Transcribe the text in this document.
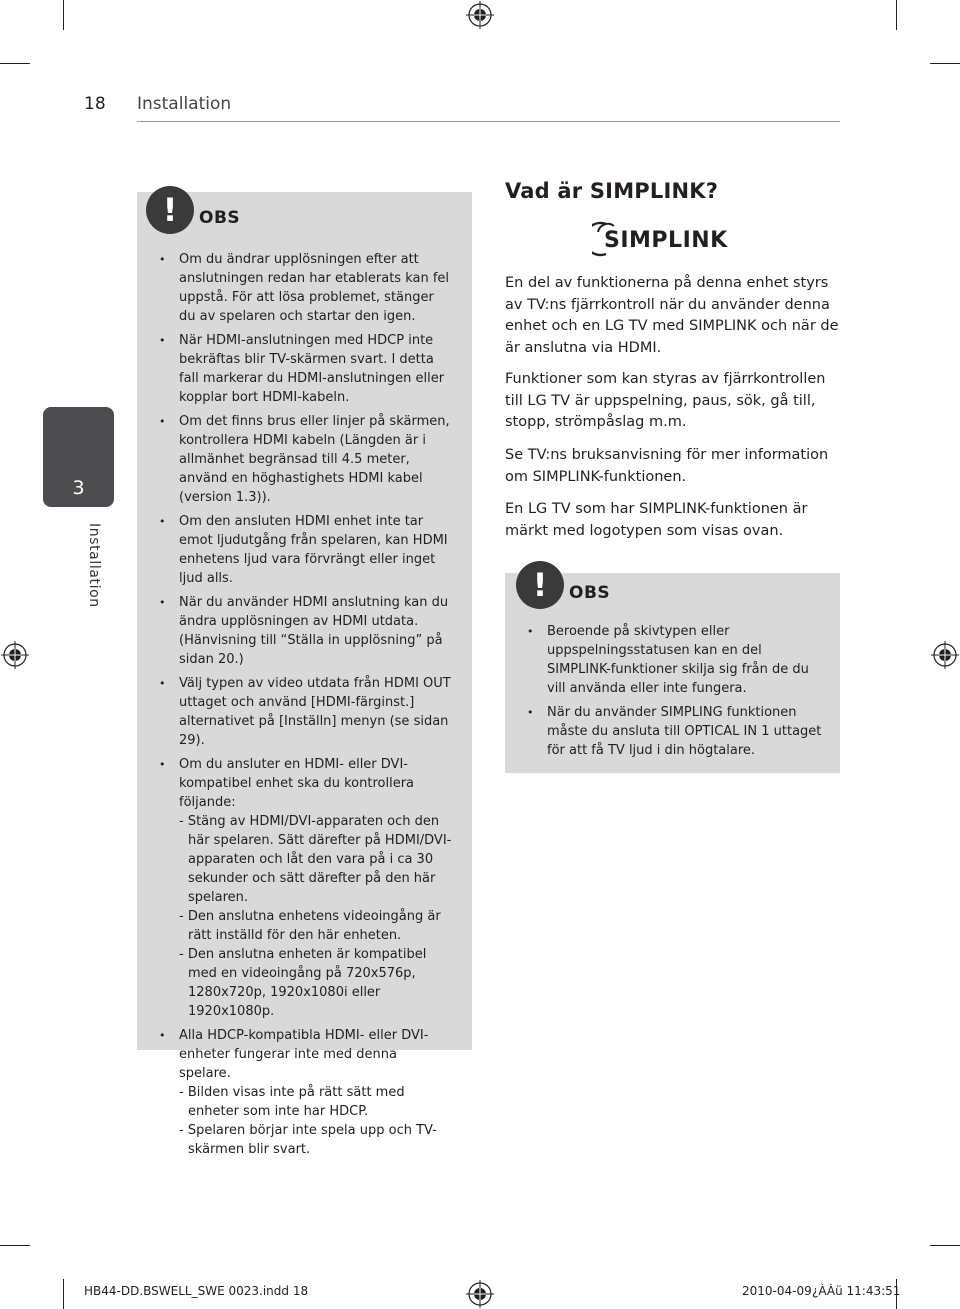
18 Installation
3
Installation
!	OBS
• Om du ändrar upplösningen efter att anslutningen redan har etablerats kan fel uppstå. För att lösa problemet, stänger du av spelaren och startar den igen.
• När HDMI-anslutningen med HDCP inte bekräftas blir TV-skärmen svart. I detta fall markerar du HDMI-anslutningen eller kopplar bort HDMI-kabeln.
• Om det finns brus eller linjer på skärmen, kontrollera HDMI kabeln (Längden är i allmänhet begränsad till 4.5 meter, använd en höghastighets HDMI kabel (version 1.3)).
• Om den ansluten HDMI enhet inte tar emot ljudutgång från spelaren, kan HDMI enhetens ljud vara förvrängt eller inget ljud alls.
• När du använder HDMI anslutning kan du ändra upplösningen av HDMI utdata. (Hänvisning till “Ställa in upplösning” på sidan 20.)
• Välj typen av video utdata från HDMI OUT uttaget och använd [HDMI-färginst.] alternativet på [Inställn] menyn (se sidan 29).
• Om du ansluter en HDMI- eller DVI-kompatibel enhet ska du kontrollera följande:
- Stäng av HDMI/DVI-apparaten och den här spelaren. Sätt därefter på HDMI/DVI-apparaten och låt den vara på i ca 30 sekunder och sätt därefter på den här spelaren.
- Den anslutna enhetens videoingång är rätt inställd för den här enheten.
- Den anslutna enheten är kompatibel med en videoingång på 720x576p, 1280x720p, 1920x1080i eller 1920x1080p.
• Alla HDCP-kompatibla HDMI- eller DVI-enheter fungerar inte med denna spelare.
- Bilden visas inte på rätt sätt med enheter som inte har HDCP.
- Spelaren börjar inte spela upp och TV-skärmen blir svart.
Vad är SIMPLINK?
SIMPLINK

En del av funktionerna på denna enhet styrs av TV:ns fjärrkontroll när du använder denna enhet och en LG TV med SIMPLINK och när de är anslutna via HDMI.

Funktioner som kan styras av fjärrkontrollen till LG TV är uppspelning, paus, sök, gå till, stopp, strömpåslag m.m.

Se TV:ns bruksanvisning för mer information om SIMPLINK-funktionen.

En LG TV som har SIMPLINK-funktionen är märkt med logotypen som visas ovan.

!	OBS
• Beroende på skivtypen eller uppspelningsstatusen kan en del SIMPLINK-funktioner skilja sig från de du vill använda eller inte fungera.
• När du använder SIMPLING funktionen måste du ansluta till OPTICAL IN 1 uttaget för att få TV ljud i din högtalare.
HB44-DD.BSWELL_SWE 0023.indd 18	2010-04-09 ¿ÀÀü 11:43:51
